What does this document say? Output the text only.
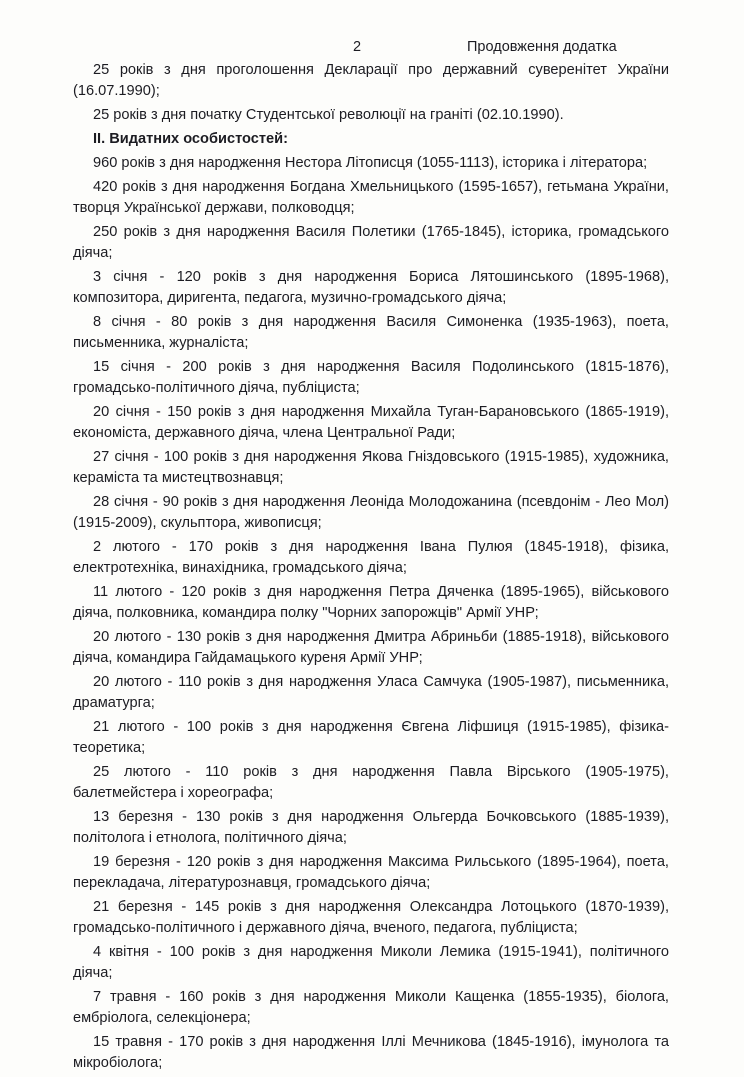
2	Продовження додатка

25 років з дня проголошення Декларації про державний суверенітет України (16.07.1990);

25 років з дня початку Студентської революції на граніті (02.10.1990).

ІІ. Видатних особистостей:

960 років з дня народження Нестора Літописця (1055-1113), історика і літератора;

420 років з дня народження Богдана Хмельницького (1595-1657), гетьмана України, творця Української держави, полководця;

250 років з дня народження Василя Полетики (1765-1845), історика, громадського діяча;

3 січня - 120 років з дня народження Бориса Лятошинського (1895-1968), композитора, диригента, педагога, музично-громадського діяча;

8 січня - 80 років з дня народження Василя Симоненка (1935-1963), поета, письменника, журналіста;

15 січня - 200 років з дня народження Василя Подолинського (1815-1876), громадсько-політичного діяча, публіциста;

20 січня - 150 років з дня народження Михайла Туган-Барановського (1865-1919), економіста, державного діяча, члена Центральної Ради;

27 січня - 100 років з дня народження Якова Гніздовського (1915-1985), художника, кераміста та мистецтвознавця;

28 січня - 90 років з дня народження Леоніда Молодожанина (псевдонім - Лео Мол) (1915-2009), скульптора, живописця;

2 лютого - 170 років з дня народження Івана Пулюя (1845-1918), фізика, електротехніка, винахідника, громадського діяча;

11 лютого - 120 років з дня народження Петра Дяченка (1895-1965), військового діяча, полковника, командира полку "Чорних запорожців" Армії УНР;

20 лютого - 130 років з дня народження Дмитра Абриньби (1885-1918), військового діяча, командира Гайдамацького куреня Армії УНР;

20 лютого - 110 років з дня народження Уласа Самчука (1905-1987), письменника, драматурга;

21 лютого - 100 років з дня народження Євгена Ліфшиця (1915-1985), фізика-теоретика;

25 лютого - 110 років з дня народження Павла Вірського (1905-1975), балетмейстера і хореографа;

13 березня - 130 років з дня народження Ольгерда Бочковського (1885-1939), політолога і етнолога, політичного діяча;

19 березня - 120 років з дня народження Максима Рильського (1895-1964), поета, перекладача, літературознавця, громадського діяча;

21 березня - 145 років з дня народження Олександра Лотоцького (1870-1939), громадсько-політичного і державного діяча, вченого, педагога, публіциста;

4 квітня - 100 років з дня народження Миколи Лемика (1915-1941), політичного діяча;

7 травня - 160 років з дня народження Миколи Кащенка (1855-1935), біолога, ембріолога, селекціонера;

15 травня - 170 років з дня народження Іллі Мечникова (1845-1916), імунолога та мікробіолога;
